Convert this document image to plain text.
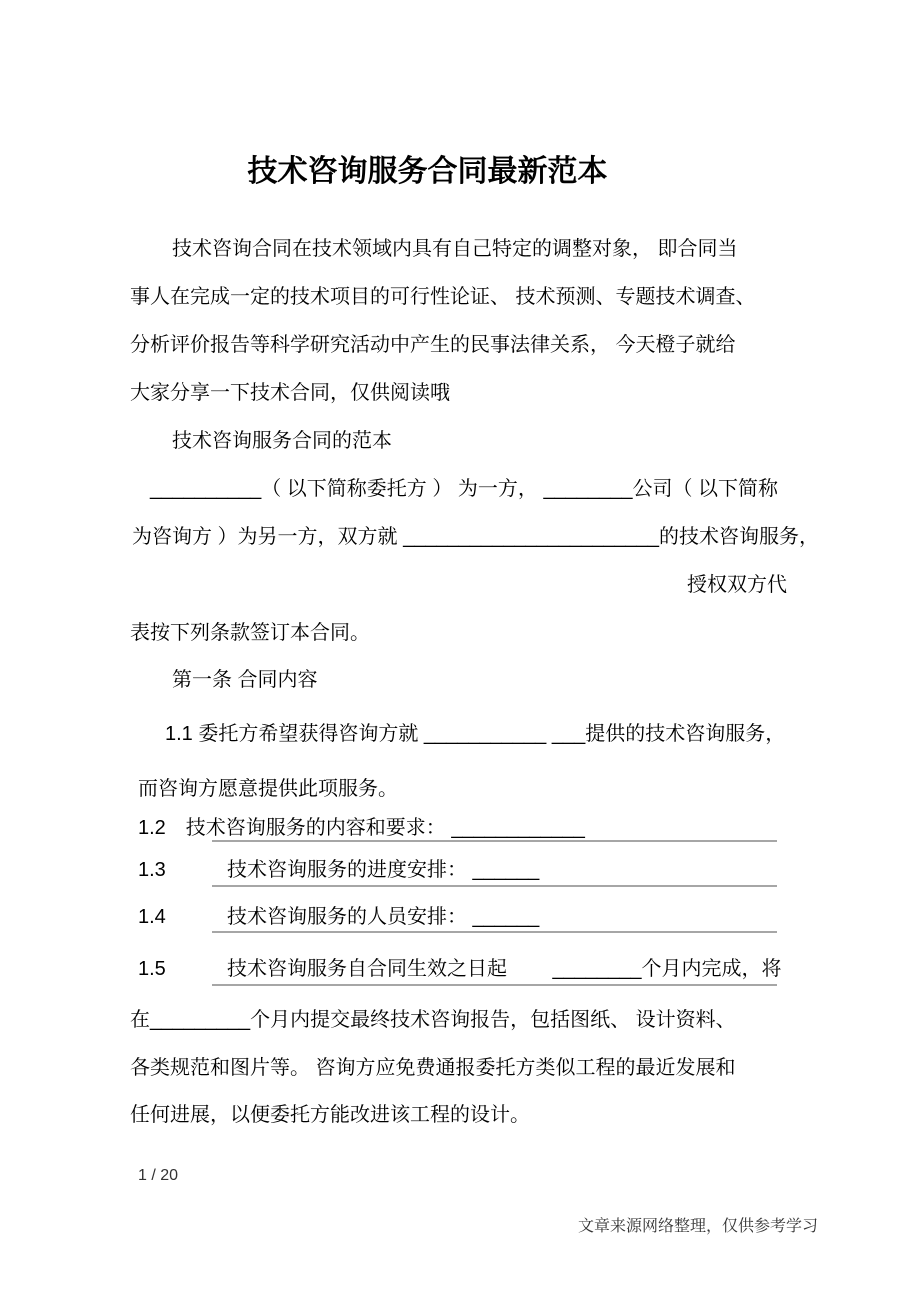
技术咨询服务合同最新范本
技术咨询合同在技术领域内具有自己特定的调整对象， 即合同当
事人在完成一定的技术项目的可行性论证、 技术预测、专题技术调查、
分析评价报告等科学研究活动中产生的民事法律关系， 今天橙子就给
大家分享一下技术合同，仅供阅读哦
技术咨询服务合同的范本
__________（ 以下简称委托方 ） 为一方， ________公司（ 以下简称
为咨询方 ）为另一方，双方就 _______________________的技术咨询服务，
授权双方代
表按下列条款签订本合同。
第一条 合同内容
1.1 委托方希望获得咨询方就 ___________ ___提供的技术咨询服务，
而咨询方愿意提供此项服务。
1.2　技术咨询服务的内容和要求： ____________
1.3	技术咨询服务的进度安排： ______
1.4	技术咨询服务的人员安排： ______
1.5	技术咨询服务自合同生效之日起　　 ________个月内完成，将
在_________个月内提交最终技术咨询报告，包括图纸、 设计资料、
各类规范和图片等。 咨询方应免费通报委托方类似工程的最近发展和
任何进展，以便委托方能改进该工程的设计。
1 / 20
文章来源网络整理，仅供参考学习
